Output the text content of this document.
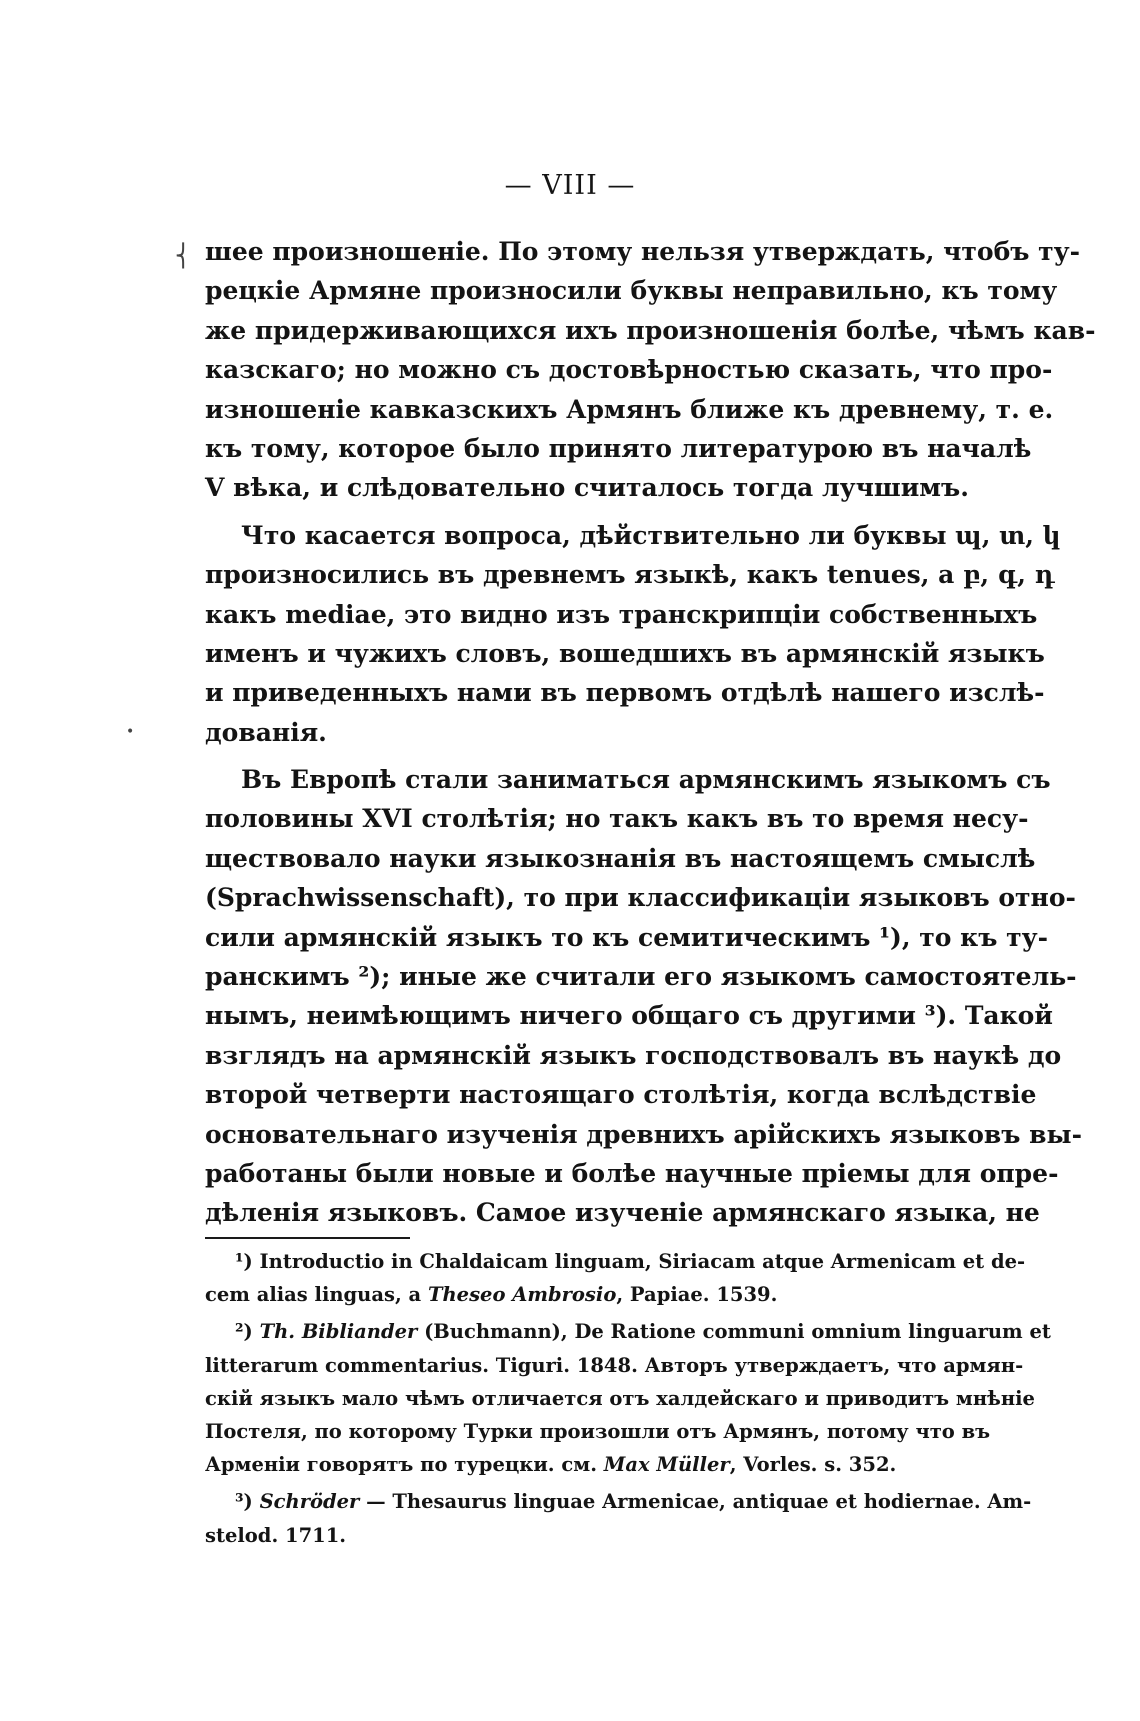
— VIII —
⎨
•
шее произношеніе. По этому нельзя утверждать, чтобъ ту-
рецкіе Армяне произносили буквы неправильно, къ тому
же придерживающихся ихъ произношенія болѣе, чѣмъ кав-
казскаго; но можно съ достовѣрностью сказать, что про-
изношеніе кавказскихъ Армянъ ближе къ древнему, т. е.
къ тому, которое было принято литературою въ началѣ
V вѣка, и слѣдовательно считалось тогда лучшимъ.
Что касается вопроса, дѣйствительно ли буквы պ, տ, կ
произносились въ древнемъ языкѣ, какъ tenues, а բ, գ, դ
какъ mediae, это видно изъ транскрипціи собственныхъ
именъ и чужихъ словъ, вошедшихъ въ армянскій языкъ
и приведенныхъ нами въ первомъ отдѣлѣ нашего изслѣ-
дованія.
Въ Европѣ стали заниматься армянскимъ языкомъ съ
половины XVI столѣтія; но такъ какъ въ то время несу-
ществовало науки языкознанія въ настоящемъ смыслѣ
(Sprachwissenschaft), то при классификаціи языковъ отно-
сили армянскій языкъ то къ семитическимъ ¹), то къ ту-
ранскимъ ²); иные же считали его языкомъ самостоятель-
нымъ, неимѣющимъ ничего общаго съ другими ³). Такой
взглядъ на армянскій языкъ господствовалъ въ наукѣ до
второй четверти настоящаго столѣтія, когда вслѣдствіе
основательнаго изученія древнихъ арійскихъ языковъ вы-
работаны были новые и болѣе научные пріемы для опре-
дѣленія языковъ. Самое изученіе армянскаго языка, не
¹) Introductio in Chaldaicam linguam, Siriacam atque Armenicam et de-
cem alias linguas, a Theseo Ambrosio, Papiae. 1539.
²) Th. Bibliander (Buchmann), De Ratione communi omnium linguarum et
litterarum commentarius. Tiguri. 1848. Авторъ утверждаетъ, что армян-
скій языкъ мало чѣмъ отличается отъ халдейскаго и приводитъ мнѣніе
Постеля, по которому Турки произошли отъ Армянъ, потому что въ
Арменіи говорятъ по турецки. см. Max Müller, Vorles. s. 352.
³) Schröder — Thesaurus linguae Armenicae, antiquae et hodiernae. Am-
stelod. 1711.
